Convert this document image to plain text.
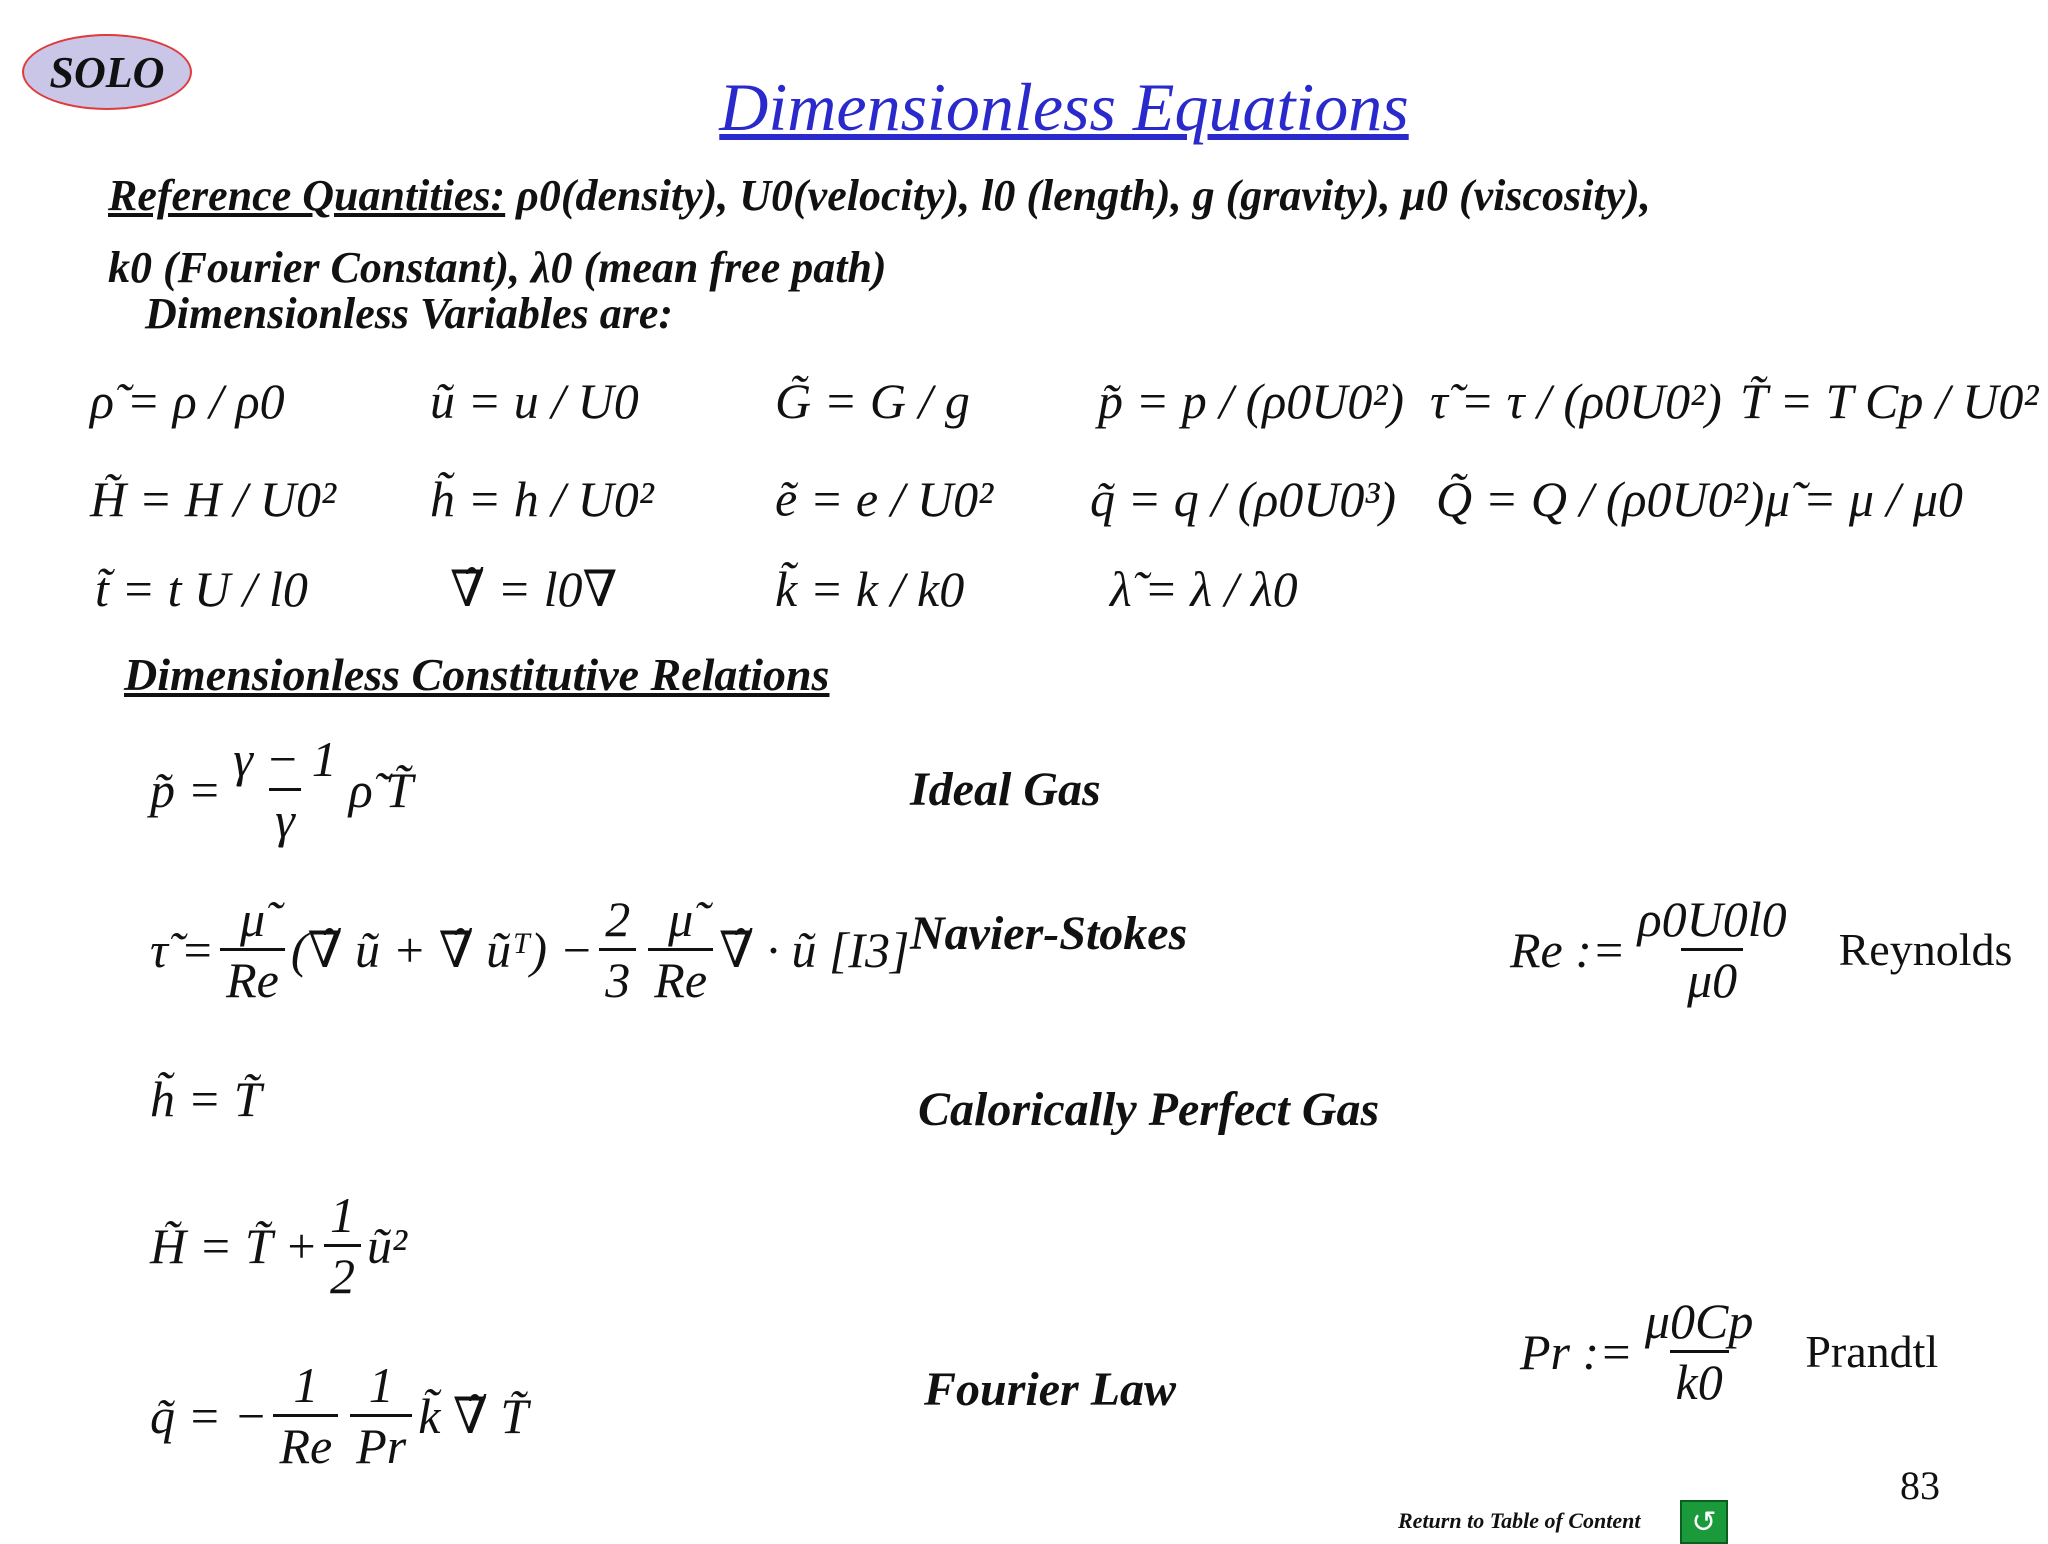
SOLO	Dimensionless Equations
Reference Quantities: ρ0(density), U0(velocity), l0 (length), g (gravity), μ0 (viscosity),
k0 (Fourier Constant), λ0 (mean free path)
Dimensionless Variables are:
ρ̃ = ρ / ρ0	ũ = u / U0	G̃ = G / g	p̃ = p / (ρ0U0²) τ̃ = τ / (ρ0U0²) T̃ = T Cp / U0²
H̃ = H / U0² h̃ = h / U0² ẽ = e / U0² q̃ = q / (ρ0U0³) Q̃ = Q / (ρ0U0²) μ̃ = μ / μ0
t̃ = t U / l0	∇̃ = l0∇	k̃ = k / k0	λ̃ = λ / λ0
Dimensionless Constitutive Relations
p̃ = $\frac{\gamma - 1}{\gamma}$ ρ̃ T̃	Ideal Gas
τ̃ = $\frac{\mũ}{Re}$ (∇̃ ũ + ∇̃ ũᵀ) − $\frac{2}{3} \frac{\mũ}{Re}$ ∇̃ · ũ [I3] Navier-Stokes	Re := $\frac{\rho 0U0l0}{\mu 0}$ Reynolds
h̃ = T̃	Calorically Perfect Gas
H̃ = T̃ + $\frac{1}{2}$ ũ²
q̃ = − $\frac{1}{Re} \frac{1}{Pr}$ k̃ ∇̃ T̃	Fourier Law
Pr := $\frac{\mu 0Cp}{k0}$ Prandtl
83
Return to Table of Content	↺
